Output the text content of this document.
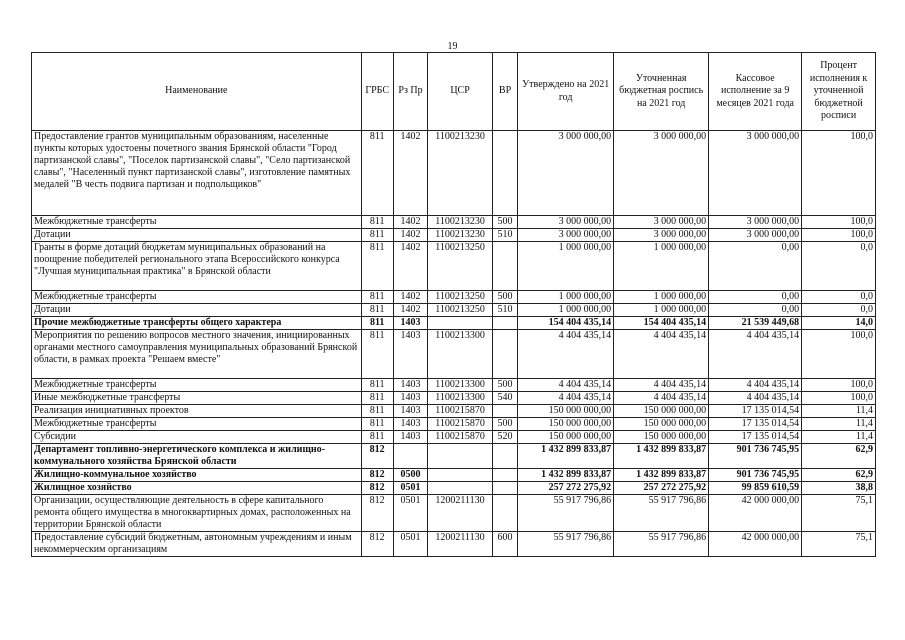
19
Наименование	ГРБС	Рз Пр	ЦСР	ВР	Утверждено на 2021 год	Уточненная бюджетная роспись на 2021 год	Кассовое исполнение за 9 месяцев 2021 года	Процент исполнения к уточненной бюджетной росписи
Предоставление грантов муниципальным образованиям, населенные пункты которых удостоены почетного звания Брянской области "Город партизанской славы", "Поселок партизанской славы", "Село партизанской славы", "Населенный пункт партизанской славы", изготовление памятных медалей "В честь подвига партизан и подпольщиков"	811	1402	1100213230		3 000 000,00	3 000 000,00	3 000 000,00	100,0
Межбюджетные трансферты	811	1402	1100213230	500	3 000 000,00	3 000 000,00	3 000 000,00	100,0
Дотации	811	1402	1100213230	510	3 000 000,00	3 000 000,00	3 000 000,00	100,0
Гранты в форме дотаций бюджетам муниципальных образований на поощрение победителей регионального этапа Всероссийского конкурса "Лучшая муниципальная практика" в Брянской области	811	1402	1100213250		1 000 000,00	1 000 000,00	0,00	0,0
Межбюджетные трансферты	811	1402	1100213250	500	1 000 000,00	1 000 000,00	0,00	0,0
Дотации	811	1402	1100213250	510	1 000 000,00	1 000 000,00	0,00	0,0
Прочие межбюджетные трансферты общего характера	811	1403			154 404 435,14	154 404 435,14	21 539 449,68	14,0
Мероприятия по решению вопросов местного значения, инициированных органами местного самоуправления муниципальных образований Брянской области, в рамках проекта "Решаем вместе"	811	1403	1100213300		4 404 435,14	4 404 435,14	4 404 435,14	100,0
Межбюджетные трансферты	811	1403	1100213300	500	4 404 435,14	4 404 435,14	4 404 435,14	100,0
Иные межбюджетные трансферты	811	1403	1100213300	540	4 404 435,14	4 404 435,14	4 404 435,14	100,0
Реализация инициативных проектов	811	1403	1100215870		150 000 000,00	150 000 000,00	17 135 014,54	11,4
Межбюджетные трансферты	811	1403	1100215870	500	150 000 000,00	150 000 000,00	17 135 014,54	11,4
Субсидии	811	1403	1100215870	520	150 000 000,00	150 000 000,00	17 135 014,54	11,4
Департамент топливно-энергетического комплекса и жилищно-коммунального хозяйства Брянской области	812				1 432 899 833,87	1 432 899 833,87	901 736 745,95	62,9
Жилищно-коммунальное хозяйство	812	0500			1 432 899 833,87	1 432 899 833,87	901 736 745,95	62,9
Жилищное хозяйство	812	0501			257 272 275,92	257 272 275,92	99 859 610,59	38,8
Организации, осуществляющие деятельность в сфере капитального ремонта общего имущества в многоквартирных домах, расположенных на территории Брянской области	812	0501	1200211130		55 917 796,86	55 917 796,86	42 000 000,00	75,1
Предоставление субсидий бюджетным, автономным учреждениям и иным некоммерческим организациям	812	0501	1200211130	600	55 917 796,86	55 917 796,86	42 000 000,00	75,1
